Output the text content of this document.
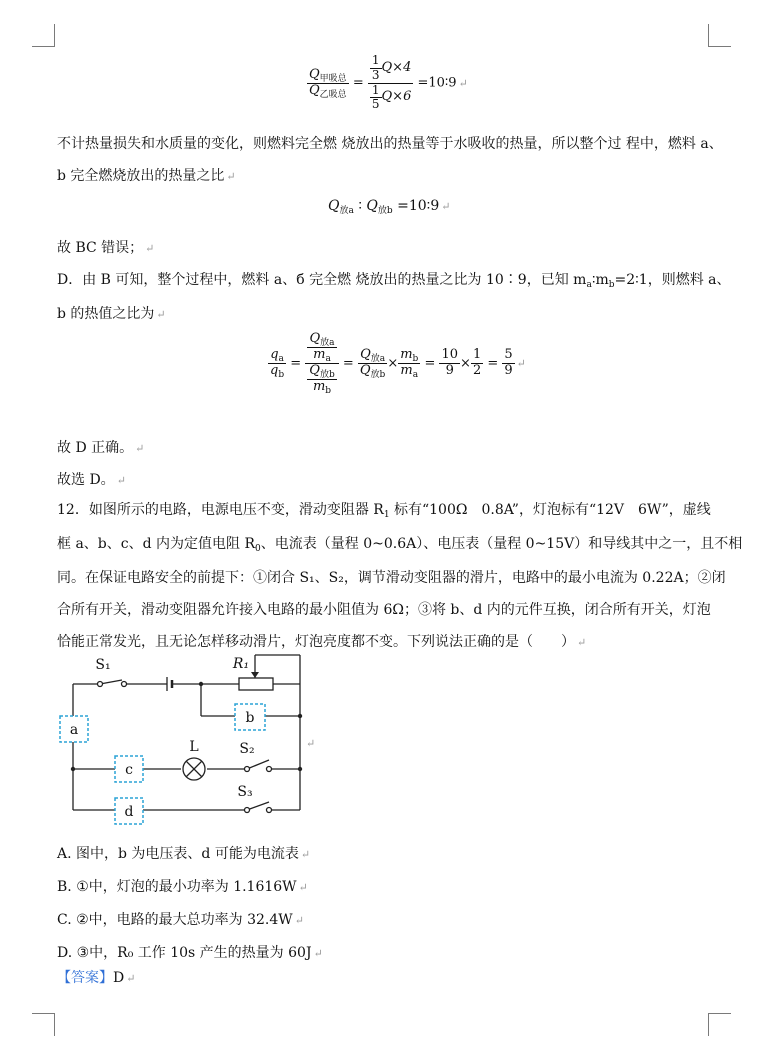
$\frac{Q_{甲吸总}}{Q_{乙吸总}} = \frac{\frac{1}{3} Q\times 4}{\frac{1}{5} Q\times 6}$ =10∶9 ↵
不计热量损失和水质量的变化，则燃料完全燃 烧放出的热量等于水吸收的热量，所以整个过 程中，燃料 a、
b 完全燃烧放出的热量之比 ↵
$Q_{放a}$ ∶ $Q_{放b}$ =10∶9 ↵
故 BC 错误； ↵
D．由 B 可知，整个过程中，燃料 a、б 完全燃 烧放出的热量之比为 10∶9，已知 $m_a∶m_b=2∶1$，则燃料 a、
b 的热值之比为 ↵
$\frac{q_a}{q_b} = \frac{\frac{Q_{放a}}{m_a}}{\frac{Q_{放b}}{m_b}} = \frac{Q_{放a}}{Q_{放b}} \times \frac{m_b}{m_a} = \frac{10}{9} \times \frac{1}{2} = \frac{5}{9}$ ↵
故 D 正确。 ↵
故选 D。 ↵
12．如图所示的电路，电源电压不变，滑动变阻器 $R_1$ 标有“100Ω　0.8A”，灯泡标有“12V　6W”，虚线
框 a、b、c、d 内为定值电阻 $R_0$、电流表（量程 0~0.6A）、电压表（量程 0~15V）和导线其中之一，且不相
同。在保证电路安全的前提下：①闭合 S₁、S₂，调节滑动变阻器的滑片，电路中的最小电流为 0.22A；②闭
合所有开关，滑动变阻器允许接入电路的最小阻值为 6Ω；③将 b、d 内的元件互换，闭合所有开关，灯泡
恰能正常发光，且无论怎样移动滑片，灯泡亮度都不变。下列说法正确的是（　　） ↵
a
b
c
d
S₁	R₁
L	S₂
S₃
↵
A. 图中，b 为电压表、d 可能为电流表 ↵
B. ①中，灯泡的最小功率为 1.1616W ↵
C. ②中，电路的最大总功率为 32.4W ↵
D. ③中，R₀ 工作 10s 产生的热量为 60J ↵
【答案】D ↵
